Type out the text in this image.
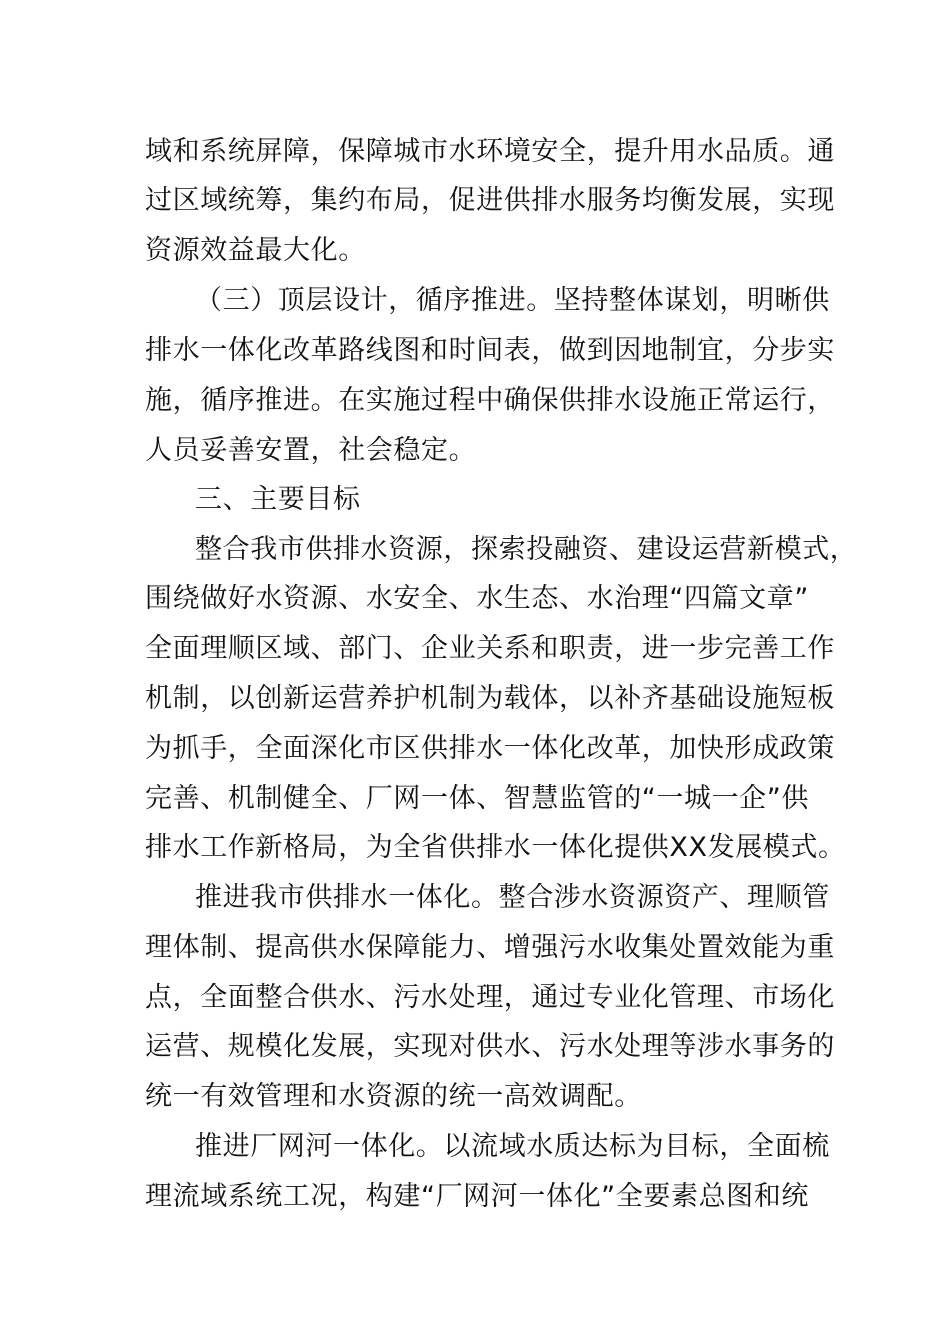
域和系统屏障，保障城市水环境安全，提升用水品质。通
过区域统筹，集约布局，促进供排水服务均衡发展，实现
资源效益最大化。
（三）顶层设计，循序推进。坚持整体谋划，明晰供
排水一体化改革路线图和时间表，做到因地制宜，分步实
施，循序推进。在实施过程中确保供排水设施正常运行，
人员妥善安置，社会稳定。
三、主要目标
整合我市供排水资源，探索投融资、建设运营新模式，
围绕做好水资源、水安全、水生态、水治理“四篇文章”
全面理顺区域、部门、企业关系和职责，进一步完善工作
机制，以创新运营养护机制为载体，以补齐基础设施短板
为抓手，全面深化市区供排水一体化改革，加快形成政策
完善、机制健全、厂网一体、智慧监管的“一城一企”供
排水工作新格局，为全省供排水一体化提供XX发展模式。
推进我市供排水一体化。整合涉水资源资产、理顺管
理体制、提高供水保障能力、增强污水收集处置效能为重
点，全面整合供水、污水处理，通过专业化管理、市场化
运营、规模化发展，实现对供水、污水处理等涉水事务的
统一有效管理和水资源的统一高效调配。
推进厂网河一体化。以流域水质达标为目标，全面梳
理流域系统工况，构建“厂网河一体化”全要素总图和统
